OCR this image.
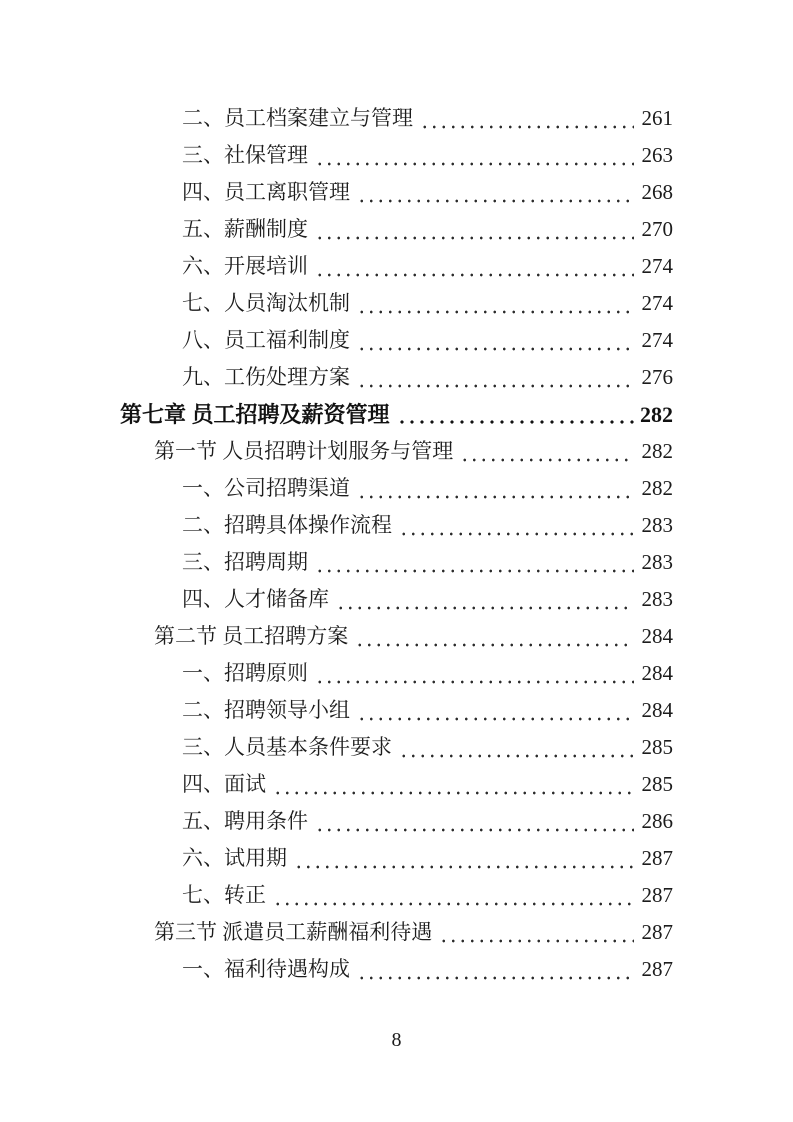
二、员工档案建立与管理	261
三、社保管理	263
四、员工离职管理	268
五、薪酬制度	270
六、开展培训	274
七、人员淘汰机制	274
八、员工福利制度	274
九、工伤处理方案	276
第七章 员工招聘及薪资管理	282
第一节 人员招聘计划服务与管理	282
一、公司招聘渠道	282
二、招聘具体操作流程	283
三、招聘周期	283
四、人才储备库	283
第二节 员工招聘方案	284
一、招聘原则	284
二、招聘领导小组	284
三、人员基本条件要求	285
四、面试	285
五、聘用条件	286
六、试用期	287
七、转正	287
第三节 派遣员工薪酬福利待遇	287
一、福利待遇构成	287
8
